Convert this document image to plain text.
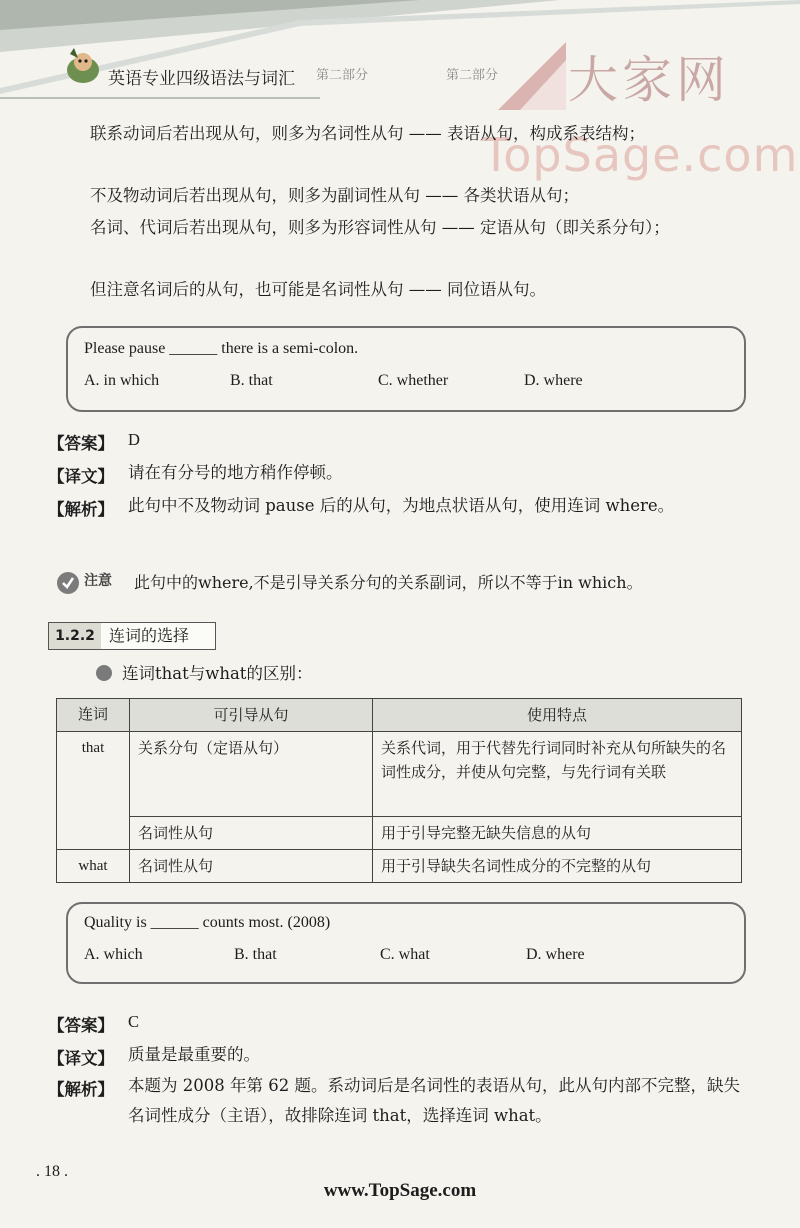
英语专业四级语法与词汇 第二部分	第二部分 大家网
TopSage.com
联系动词后若出现从句，则多为名词性从句 —— 表语从句，构成系表结构；
不及物动词后若出现从句，则多为副词性从句 —— 各类状语从句；
名词、代词后若出现从句，则多为形容词性从句 —— 定语从句（即关系分句）；
但注意名词后的从句，也可能是名词性从句 —— 同位语从句。
Please pause ______ there is a semi-colon.
A. in which	B. that	C. whether	D. where
【答案】 D
【译文】 请在有分号的地方稍作停顿。
【解析】 此句中不及物动词 pause 后的从句，为地点状语从句，使用连词 where。
注意 此句中的where,不是引导关系分句的关系副词，所以不等于in which。
1.2.2 连词的选择
连词that与what的区别：
连词	可引导从句	使用特点
that	关系分句（定语从句）	关系代词，用于代替先行词同时补充从句所缺失的名词性成分，并使从句完整，与先行词有关联
	名词性从句	用于引导完整无缺失信息的从句
what	名词性从句	用于引导缺失名词性成分的不完整的从句
Quality is ______ counts most. (2008)
A. which	B. that	C. what	D. where
【答案】 C
【译文】 质量是最重要的。
【解析】 本题为 2008 年第 62 题。系动词后是名词性的表语从句，此从句内部不完整，缺失名词性成分（主语），故排除连词 that，选择连词 what。
. 18 .
www.TopSage.com
